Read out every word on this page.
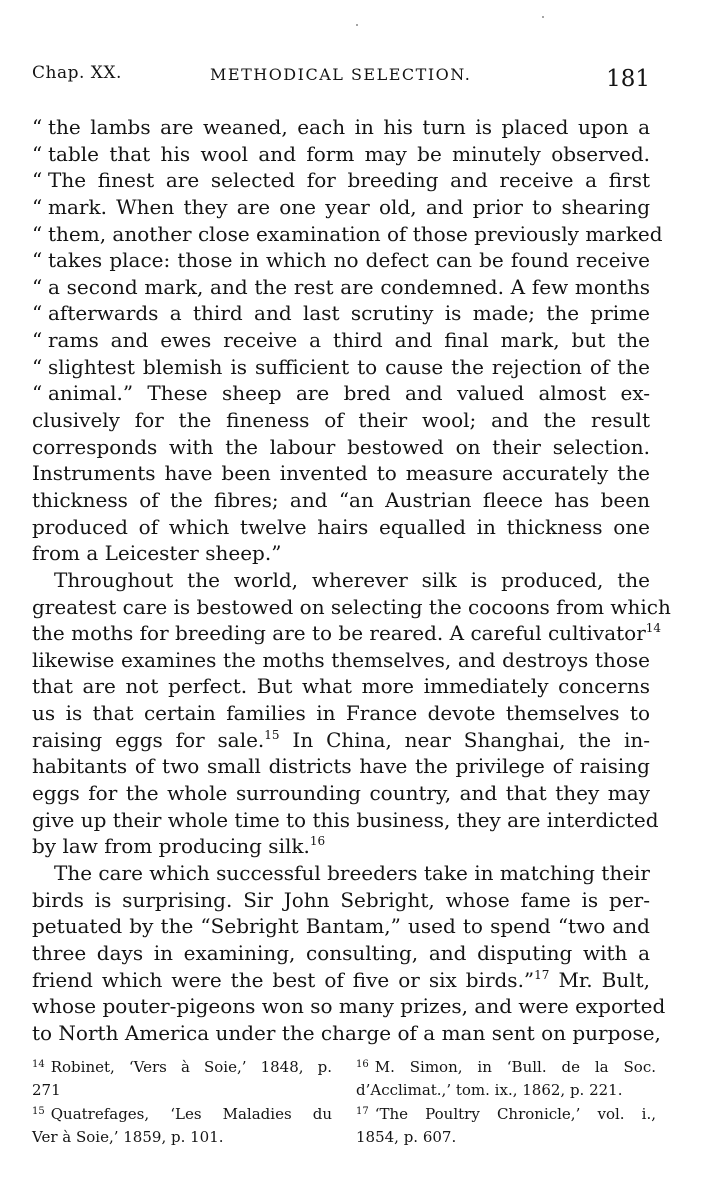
Chap. XX.	METHODICAL SELECTION.	181
“ the lambs are weaned, each in his turn is placed upon a
“ table that his wool and form may be minutely observed.
“ The finest are selected for breeding and receive a first
“ mark. When they are one year old, and prior to shearing
“ them, another close examination of those previously marked
“ takes place: those in which no defect can be found receive
“ a second mark, and the rest are condemned. A few months
“ afterwards a third and last scrutiny is made; the prime
“ rams and ewes receive a third and final mark, but the
“ slightest blemish is sufficient to cause the rejection of the
“ animal.” These sheep are bred and valued almost ex-
clusively for the fineness of their wool; and the result
corresponds with the labour bestowed on their selection.
Instruments have been invented to measure accurately the
thickness of the fibres; and “an Austrian fleece has been
produced of which twelve hairs equalled in thickness one
from a Leicester sheep.”
Throughout the world, wherever silk is produced, the
greatest care is bestowed on selecting the cocoons from which
the moths for breeding are to be reared. A careful cultivator$^{14}$
likewise examines the moths themselves, and destroys those
that are not perfect. But what more immediately concerns
us is that certain families in France devote themselves to
raising eggs for sale.$^{15}$ In China, near Shanghai, the in-
habitants of two small districts have the privilege of raising
eggs for the whole surrounding country, and that they may
give up their whole time to this business, they are interdicted
by law from producing silk.$^{16}$
The care which successful breeders take in matching their
birds is surprising. Sir John Sebright, whose fame is per-
petuated by the “Sebright Bantam,” used to spend “two and
three days in examining, consulting, and disputing with a
friend which were the best of five or six birds.”$^{17}$ Mr. Bult,
whose pouter-pigeons won so many prizes, and were exported
to North America under the charge of a man sent on purpose,
$^{14}$ Robinet, ‘Vers à Soie,’ 1848, p.
271
$^{15}$ Quatrefages, ‘Les Maladies du
Ver à Soie,’ 1859, p. 101.
$^{16}$ M. Simon, in ‘Bull. de la Soc.
d’Acclimat.,’ tom. ix., 1862, p. 221.
$^{17}$ ‘The Poultry Chronicle,’ vol. i.,
1854, p. 607.
